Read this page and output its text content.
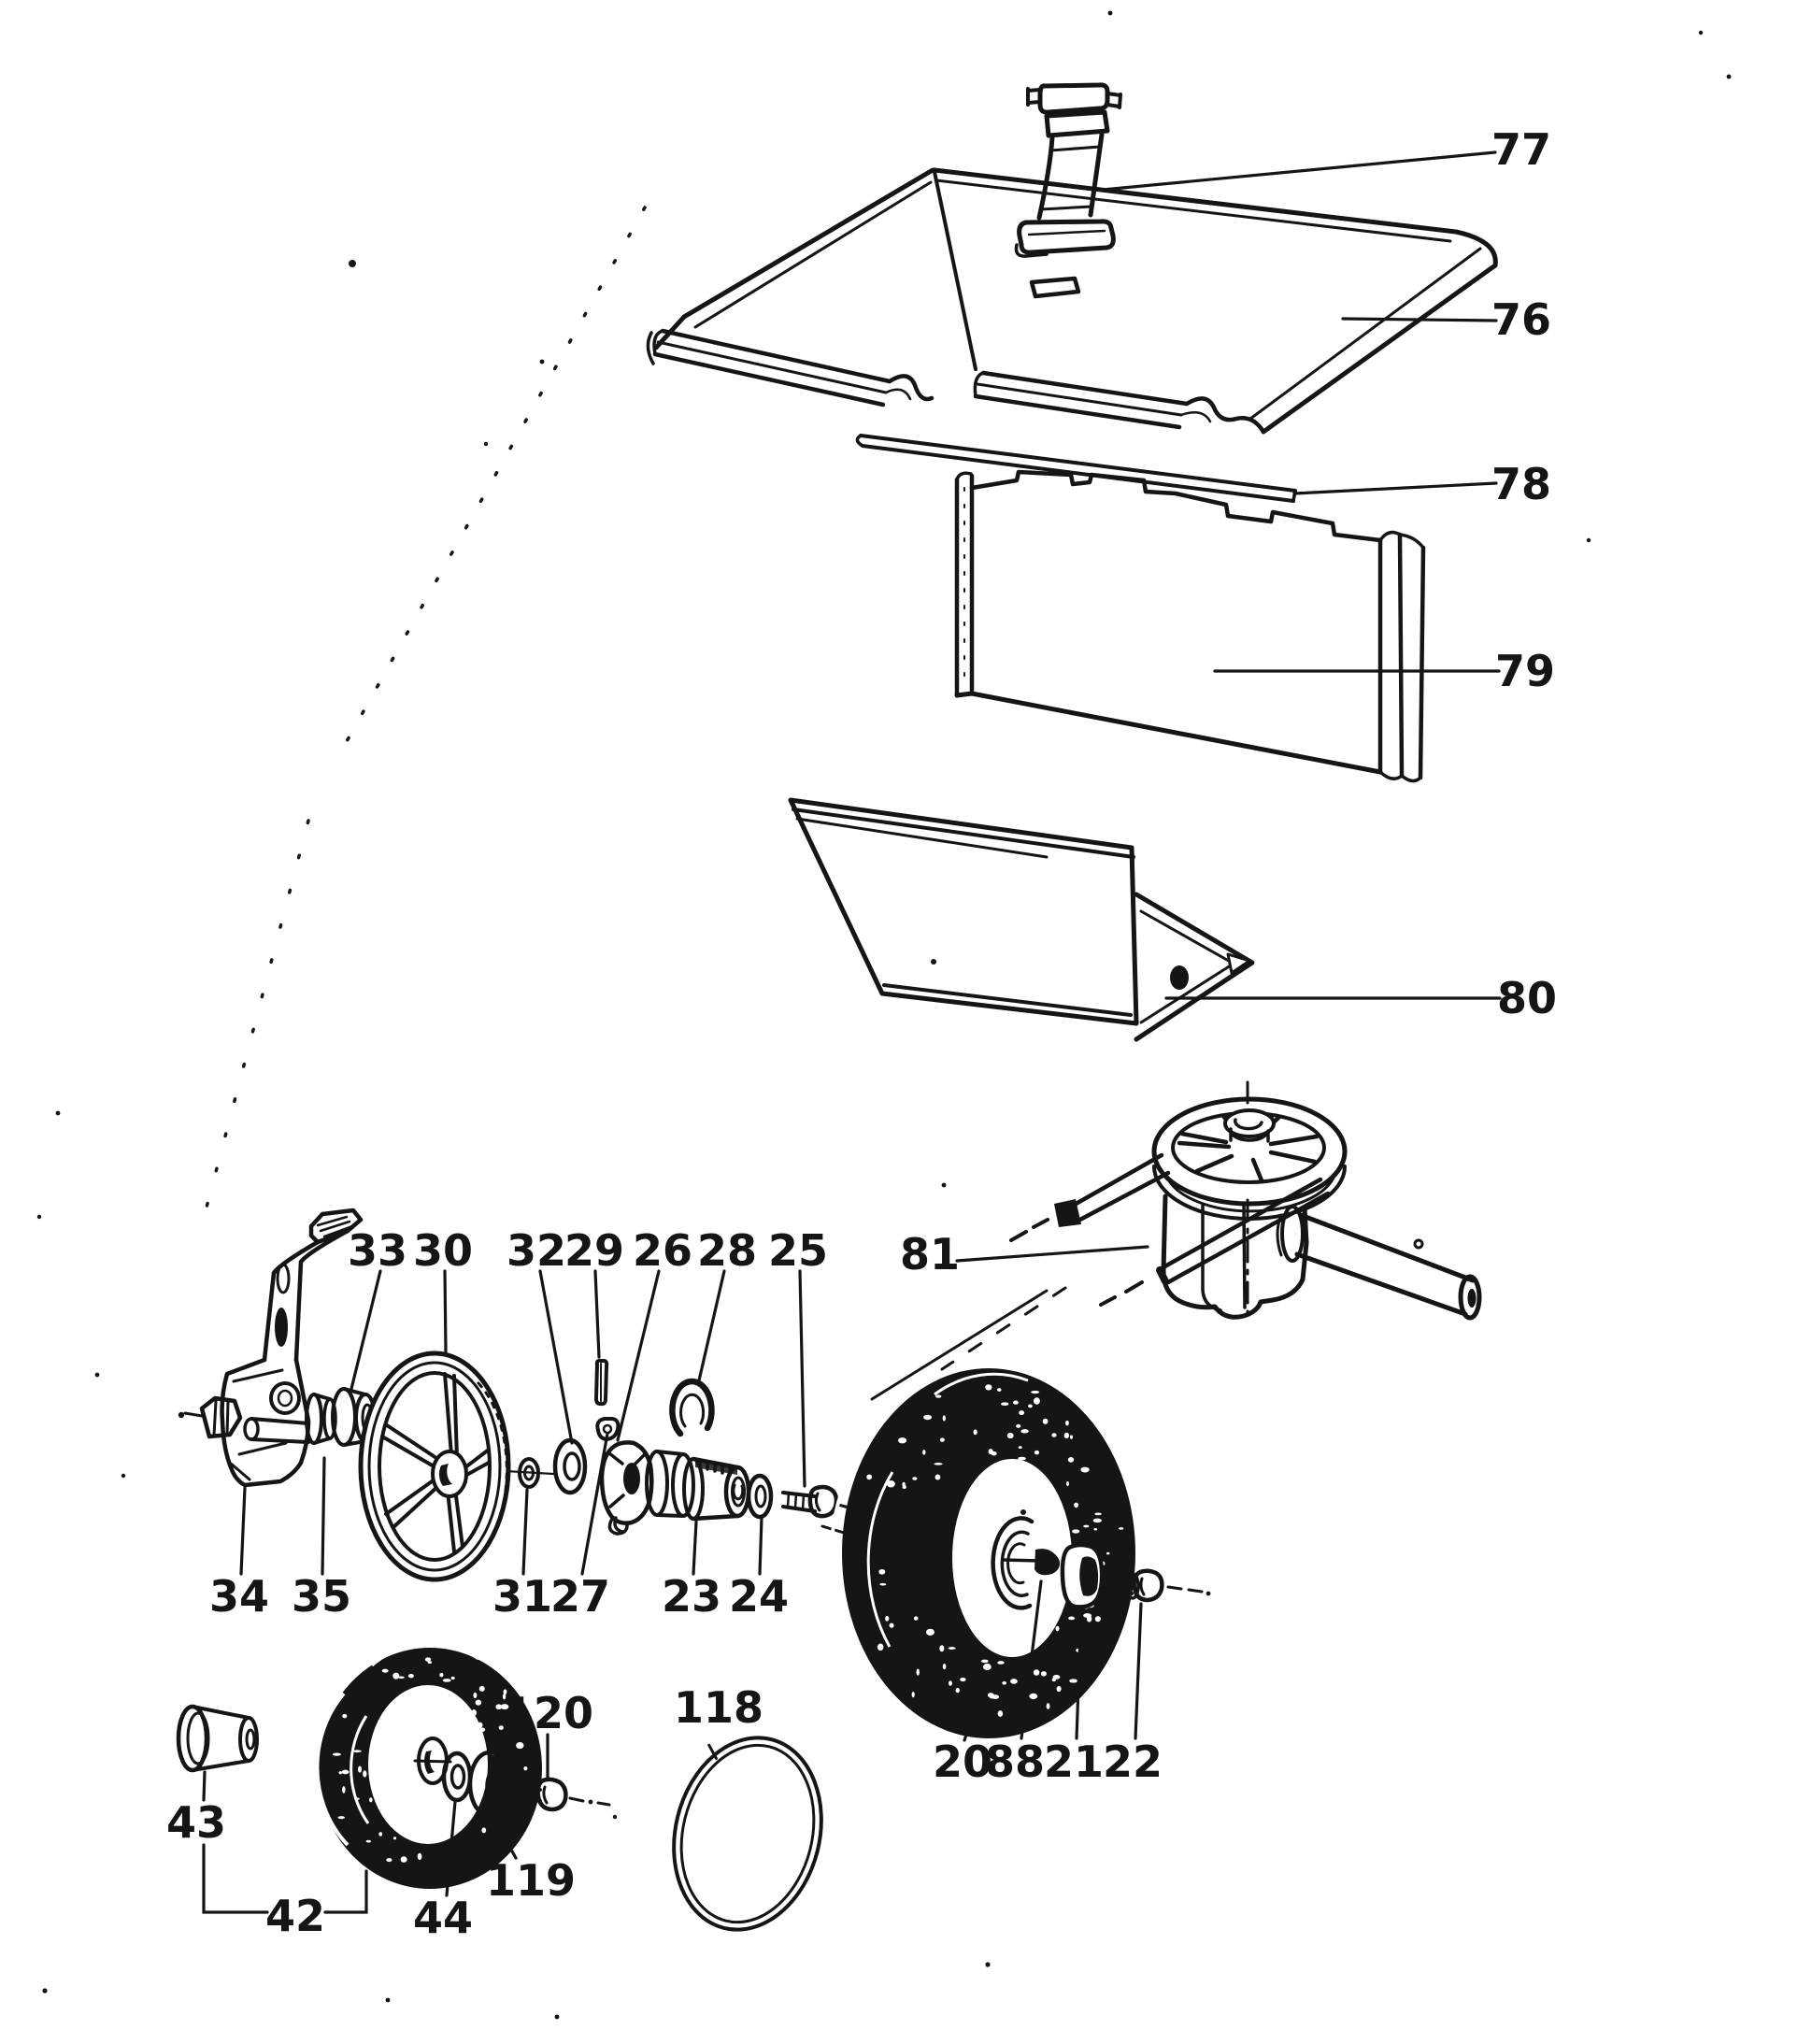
77
76
78
79
80
81
33 30 32
29 26 28 25
34 35	31
27 23 24
20
88
21
22
43
42 44
119
120 118
